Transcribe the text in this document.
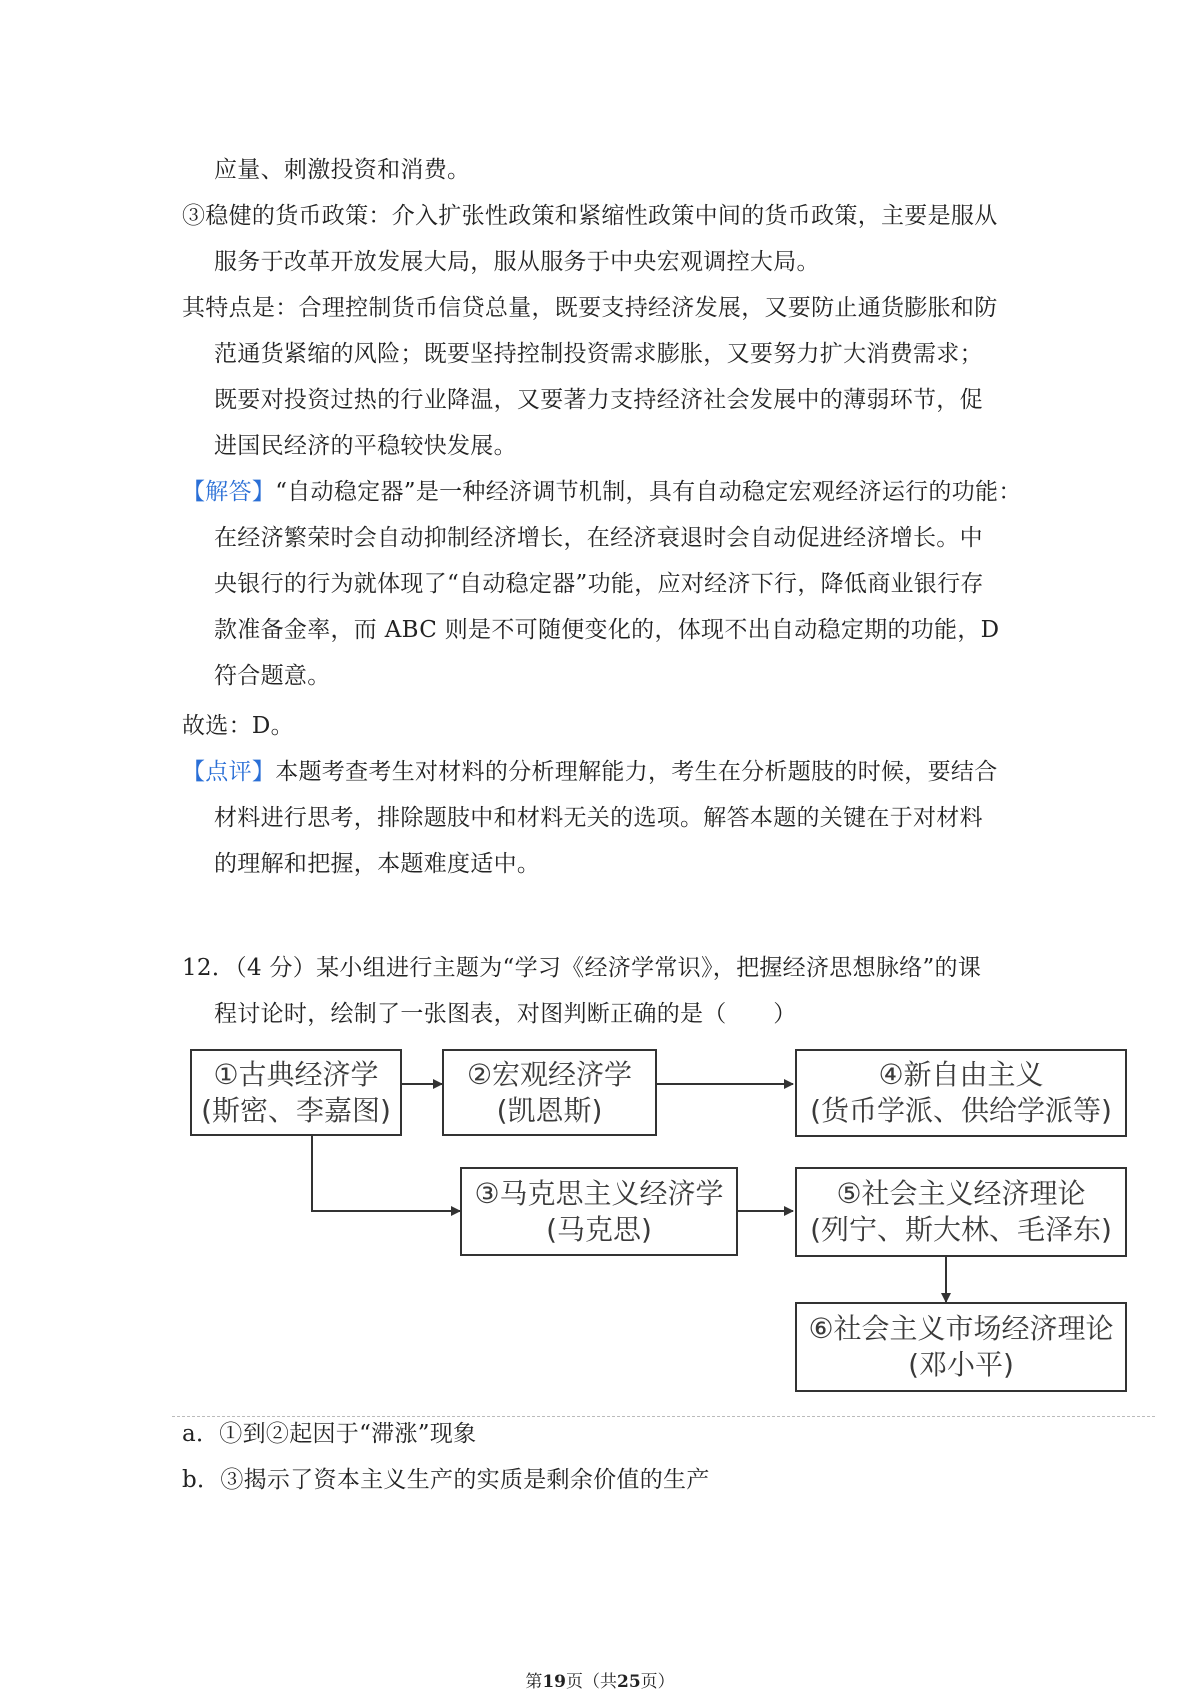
应量、刺激投资和消费。
③稳健的货币政策：介入扩张性政策和紧缩性政策中间的货币政策，主要是服从
服务于改革开放发展大局，服从服务于中央宏观调控大局。
其特点是：合理控制货币信贷总量，既要支持经济发展，又要防止通货膨胀和防
范通货紧缩的风险；既要坚持控制投资需求膨胀，又要努力扩大消费需求；
既要对投资过热的行业降温，又要著力支持经济社会发展中的薄弱环节，促
进国民经济的平稳较快发展。
【解答】“自动稳定器”是一种经济调节机制，具有自动稳定宏观经济运行的功能：
在经济繁荣时会自动抑制经济增长，在经济衰退时会自动促进经济增长。中
央银行的行为就体现了“自动稳定器”功能，应对经济下行，降低商业银行存
款准备金率，而 ABC 则是不可随便变化的，体现不出自动稳定期的功能，D
符合题意。
故选：D。
【点评】本题考查考生对材料的分析理解能力，考生在分析题肢的时候，要结合
材料进行思考，排除题肢中和材料无关的选项。解答本题的关键在于对材料
的理解和把握，本题难度适中。
12．（4 分）某小组进行主题为“学习《经济学常识》，把握经济思想脉络”的课
程讨论时，绘制了一张图表，对图判断正确的是（　　）
①古典经济学
(斯密、李嘉图)
②宏观经济学
(凯恩斯)
④新自由主义
(货币学派、供给学派等)
③马克思主义经济学
(马克思)
⑤社会主义经济理论
(列宁、斯大林、毛泽东)
⑥社会主义市场经济理论
(邓小平)
a．①到②起因于“滞涨”现象
b．③揭示了资本主义生产的实质是剩余价值的生产
第19页（共25页）
